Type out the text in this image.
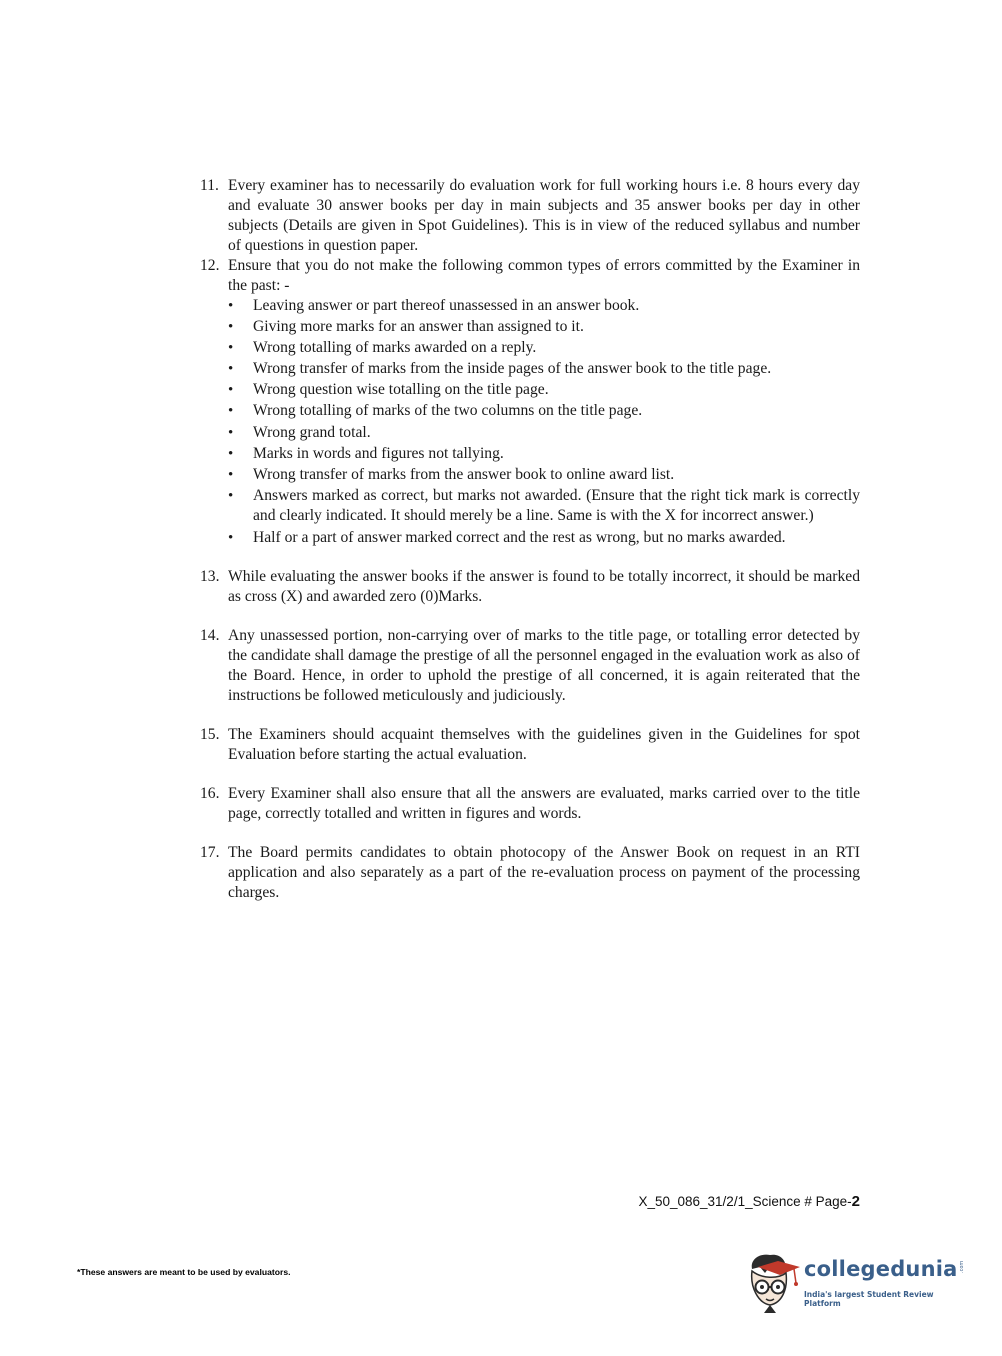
11. Every examiner has to necessarily do evaluation work for full working hours i.e. 8 hours every day and evaluate 30 answer books per day in main subjects and 35 answer books per day in other subjects (Details are given in Spot Guidelines). This is in view of the reduced syllabus and number of questions in question paper.

12. Ensure that you do not make the following common types of errors committed by the Examiner in the past: -

• Leaving answer or part thereof unassessed in an answer book.
• Giving more marks for an answer than assigned to it.
• Wrong totalling of marks awarded on a reply.
• Wrong transfer of marks from the inside pages of the answer book to the title page.
• Wrong question wise totalling on the title page.
• Wrong totalling of marks of the two columns on the title page.
• Wrong grand total.
• Marks in words and figures not tallying.
• Wrong transfer of marks from the answer book to online award list.
• Answers marked as correct, but marks not awarded. (Ensure that the right tick mark is correctly and clearly indicated. It should merely be a line. Same is with the X for incorrect answer.)
• Half or a part of answer marked correct and the rest as wrong, but no marks awarded.

13. While evaluating the answer books if the answer is found to be totally incorrect, it should be marked as cross (X) and awarded zero (0)Marks.

14. Any unassessed portion, non-carrying over of marks to the title page, or totalling error detected by the candidate shall damage the prestige of all the personnel engaged in the evaluation work as also of the Board. Hence, in order to uphold the prestige of all concerned, it is again reiterated that the instructions be followed meticulously and judiciously.

15. The Examiners should acquaint themselves with the guidelines given in the Guidelines for spot Evaluation before starting the actual evaluation.

16. Every Examiner shall also ensure that all the answers are evaluated, marks carried over to the title page, correctly totalled and written in figures and words.

17. The Board permits candidates to obtain photocopy of the Answer Book on request in an RTI application and also separately as a part of the re-evaluation process on payment of the processing charges.

X_50_086_31/2/1_Science # Page-2
*These answers are meant to be used by evaluators.	collegedunia .com
India's largest Student Review Platform
